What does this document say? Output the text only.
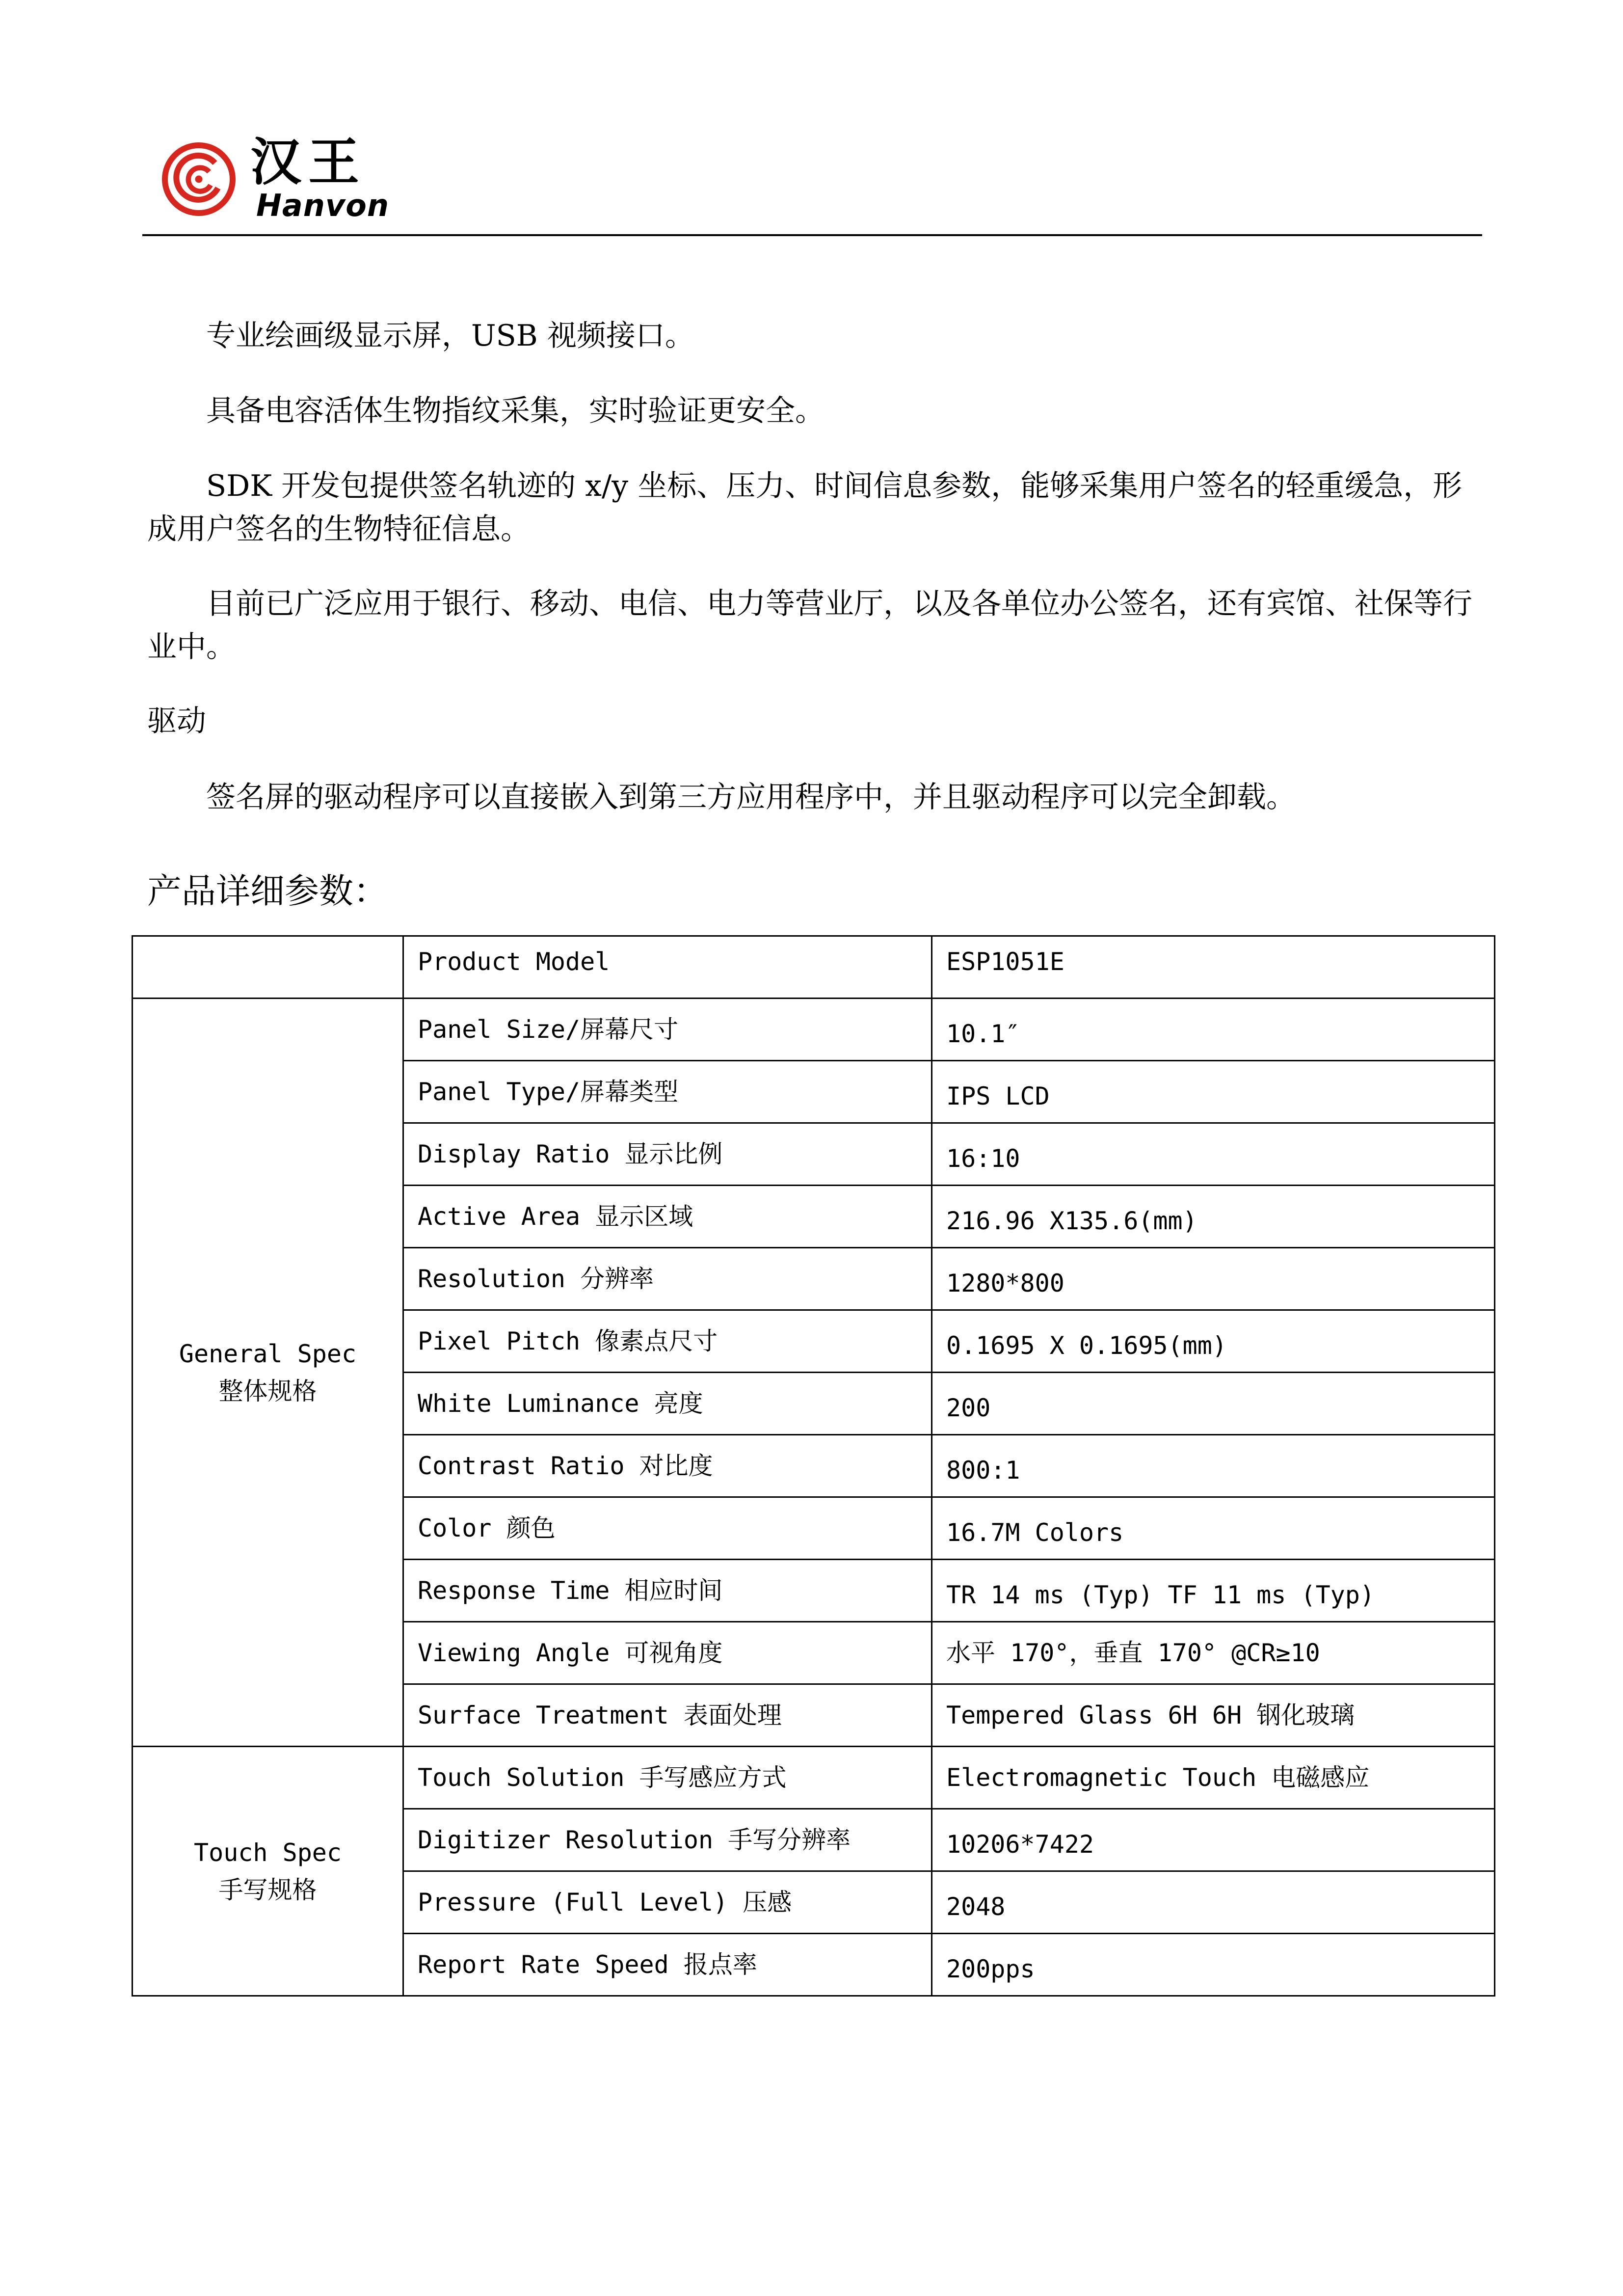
汉王
Hanvon
专业绘画级显示屏，USB 视频接口。
具备电容活体生物指纹采集，实时验证更安全。
SDK 开发包提供签名轨迹的 x/y 坐标、压力、时间信息参数，能够采集用户签名的轻重缓急，形成用户签名的生物特征信息。
目前已广泛应用于银行、移动、电信、电力等营业厅，以及各单位办公签名，还有宾馆、社保等行业中。
驱动
签名屏的驱动程序可以直接嵌入到第三方应用程序中，并且驱动程序可以完全卸载。
产品详细参数：
	Product Model	ESP1051E

General Spec
整体规格	Panel Size/屏幕尺寸	10.1″
	Panel Type/屏幕类型	IPS LCD
	Display Ratio 显示比例	16:10
	Active Area 显示区域	216.96 X135.6(mm)
	Resolution 分辨率	1280*800
	Pixel Pitch 像素点尺寸	0.1695 X 0.1695(mm)
	White Luminance 亮度	200
	Contrast Ratio 对比度	800:1
	Color 颜色	16.7M Colors
	Response Time 相应时间	TR 14 ms (Typ) TF 11 ms (Typ)
	Viewing Angle 可视角度	水平 170°，垂直 170° @CR≥10
	Surface Treatment 表面处理	Tempered Glass 6H 6H 钢化玻璃

Touch Spec
手写规格	Touch Solution 手写感应方式	Electromagnetic Touch 电磁感应
	Digitizer Resolution 手写分辨率	10206*7422
	Pressure (Full Level) 压感	2048
	Report Rate Speed 报点率	200pps
